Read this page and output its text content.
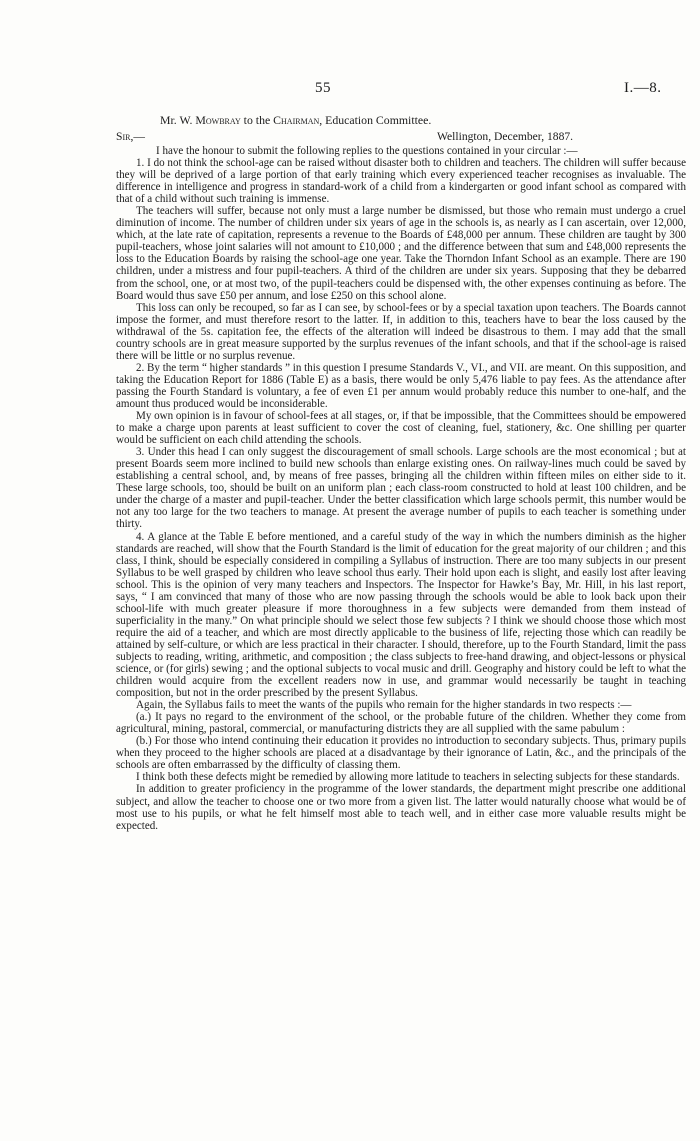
55	I.—8.
Mr. W. Mowbray to the Chairman, Education Committee.
Sir,—	Wellington, December, 1887.

I have the honour to submit the following replies to the questions contained in your circular :—

1. I do not think the school-age can be raised without disaster both to children and teachers. The children will suffer because they will be deprived of a large portion of that early training which every experienced teacher recognises as invaluable. The difference in intelligence and progress in standard-work of a child from a kindergarten or good infant school as compared with that of a child without such training is immense.

The teachers will suffer, because not only must a large number be dismissed, but those who remain must undergo a cruel diminution of income. The number of children under six years of age in the schools is, as nearly as I can ascertain, over 12,000, which, at the late rate of capitation, represents a revenue to the Boards of £48,000 per annum. These children are taught by 300 pupil-teachers, whose joint salaries will not amount to £10,000 ; and the difference between that sum and £48,000 represents the loss to the Education Boards by raising the school-age one year. Take the Thorndon Infant School as an example. There are 190 children, under a mistress and four pupil-teachers. A third of the children are under six years. Supposing that they be debarred from the school, one, or at most two, of the pupil-teachers could be dispensed with, the other expenses continuing as before. The Board would thus save £50 per annum, and lose £250 on this school alone.

This loss can only be recouped, so far as I can see, by school-fees or by a special taxation upon teachers. The Boards cannot impose the former, and must therefore resort to the latter. If, in addition to this, teachers have to bear the loss caused by the withdrawal of the 5s. capitation fee, the effects of the alteration will indeed be disastrous to them. I may add that the small country schools are in great measure supported by the surplus revenues of the infant schools, and that if the school-age is raised there will be little or no surplus revenue.

2. By the term “ higher standards ” in this question I presume Standards V., VI., and VII. are meant. On this supposition, and taking the Education Report for 1886 (Table E) as a basis, there would be only 5,476 liable to pay fees. As the attendance after passing the Fourth Standard is voluntary, a fee of even £1 per annum would probably reduce this number to one-half, and the amount thus produced would be inconsiderable.

My own opinion is in favour of school-fees at all stages, or, if that be impossible, that the Committees should be empowered to make a charge upon parents at least sufficient to cover the cost of cleaning, fuel, stationery, &c. One shilling per quarter would be sufficient on each child attending the schools.

3. Under this head I can only suggest the discouragement of small schools. Large schools are the most economical ; but at present Boards seem more inclined to build new schools than enlarge existing ones. On railway-lines much could be saved by establishing a central school, and, by means of free passes, bringing all the children within fifteen miles on either side to it. These large schools, too, should be built on an uniform plan ; each class-room constructed to hold at least 100 children, and be under the charge of a master and pupil-teacher. Under the better classification which large schools permit, this number would be not any too large for the two teachers to manage. At present the average number of pupils to each teacher is something under thirty.

4. A glance at the Table E before mentioned, and a careful study of the way in which the numbers diminish as the higher standards are reached, will show that the Fourth Standard is the limit of education for the great majority of our children ; and this class, I think, should be especially considered in compiling a Syllabus of instruction. There are too many subjects in our present Syllabus to be well grasped by children who leave school thus early. Their hold upon each is slight, and easily lost after leaving school. This is the opinion of very many teachers and Inspectors. The Inspector for Hawke’s Bay, Mr. Hill, in his last report, says, “ I am convinced that many of those who are now passing through the schools would be able to look back upon their school-life with much greater pleasure if more thoroughness in a few subjects were demanded from them instead of superficiality in the many.” On what principle should we select those few subjects ? I think we should choose those which most require the aid of a teacher, and which are most directly applicable to the business of life, rejecting those which can readily be attained by self-culture, or which are less practical in their character. I should, therefore, up to the Fourth Standard, limit the pass subjects to reading, writing, arithmetic, and composition ; the class subjects to free-hand drawing, and object-lessons or physical science, or (for girls) sewing ; and the optional subjects to vocal music and drill. Geography and history could be left to what the children would acquire from the excellent readers now in use, and grammar would necessarily be taught in teaching composition, but not in the order prescribed by the present Syllabus.

Again, the Syllabus fails to meet the wants of the pupils who remain for the higher standards in two respects :—

(a.) It pays no regard to the environment of the school, or the probable future of the children. Whether they come from agricultural, mining, pastoral, commercial, or manufacturing districts they are all supplied with the same pabulum :

(b.) For those who intend continuing their education it provides no introduction to secondary subjects. Thus, primary pupils when they proceed to the higher schools are placed at a disadvantage by their ignorance of Latin, &c., and the principals of the schools are often embarrassed by the difficulty of classing them.

I think both these defects might be remedied by allowing more latitude to teachers in selecting subjects for these standards.

In addition to greater proficiency in the programme of the lower standards, the department might prescribe one additional subject, and allow the teacher to choose one or two more from a given list. The latter would naturally choose what would be of most use to his pupils, or what he felt himself most able to teach well, and in either case more valuable results might be expected.
